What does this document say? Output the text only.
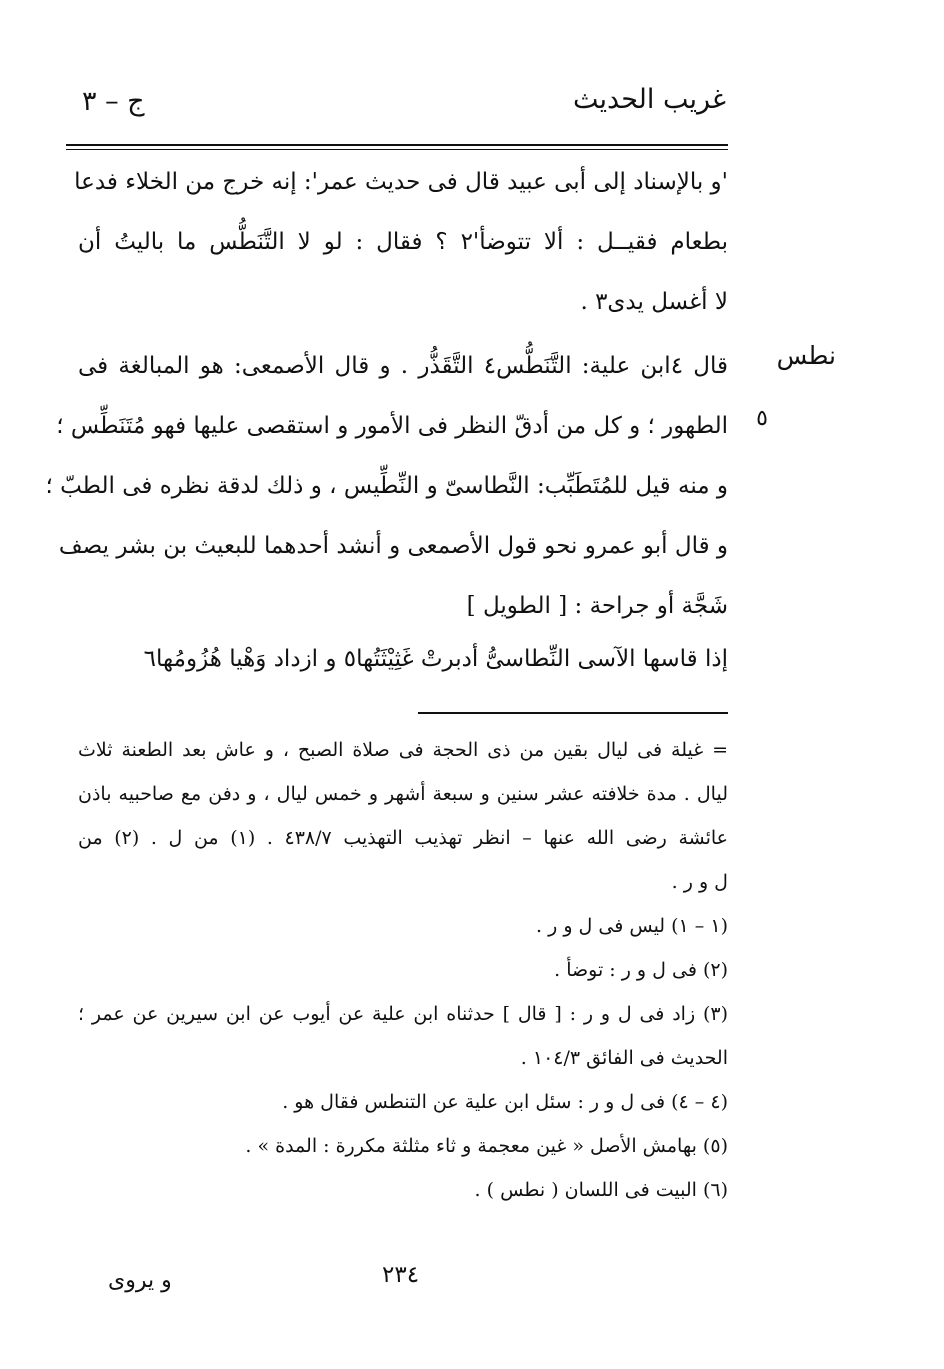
غريب الحديث
ج – ٣
'و بالإسناد إلى أبى عبيد قال فى حديث عمر': إنه خرج من الخلاء فدعا
بطعام فقيــل : ألا تتوضأ'٢ ؟ فقال : لو لا التَّنَطُّس ما باليتُ أن
لا أغسل يدى٣ .
نطس
٥
قال ٤ابن علية: التَّنَطُّس٤ التَّقَذُّر . و قال الأصمعى: هو المبالغة فى
الطهور ؛ و كل من أدقّ النظر فى الأمور و استقصى عليها فهو مُتَنَطِّس ؛
و منه قيل للمُتَطَبِّب: النَّطاسىّ و النِّطِّيس ، و ذلك لدقة نظره فى الطبّ ؛
و قال أبو عمرو نحو قول الأصمعى و أنشد أحدهما للبعيث بن بشر يصف
شَجَّة أو جراحة : [ الطويل ]
إذا قاسها الآسى النِّطاسىُّ أدبرتْ غَثِيْثَتُها٥ و ازداد وَهْيا هُزُومُها٦
= غيلة فى ليال بقين من ذى الحجة فى صلاة الصبح ، و عاش بعد الطعنة ثلاث
ليال . مدة خلافته عشر سنين و سبعة أشهر و خمس ليال ، و دفن مع صاحبيه باذن
عائشة رضى الله عنها – انظر تهذيب التهذيب ٤٣٨/٧ . (١) من ل . (٢) من
ل و ر .
(١ – ١) ليس فى ل و ر .
(٢) فى ل و ر : توضأ .
(٣) زاد فى ل و ر : [ قال ] حدثناه ابن علية عن أيوب عن ابن سيرين عن عمر ؛
الحديث فى الفائق ١٠٤/٣ .
(٤ – ٤) فى ل و ر : سئل ابن علية عن التنطس فقال هو .
(٥) بهامش الأصل « غين معجمة و ثاء مثلثة مكررة : المدة » .
(٦) البيت فى اللسان ( نطس ) .
٢٣٤
و يروى
